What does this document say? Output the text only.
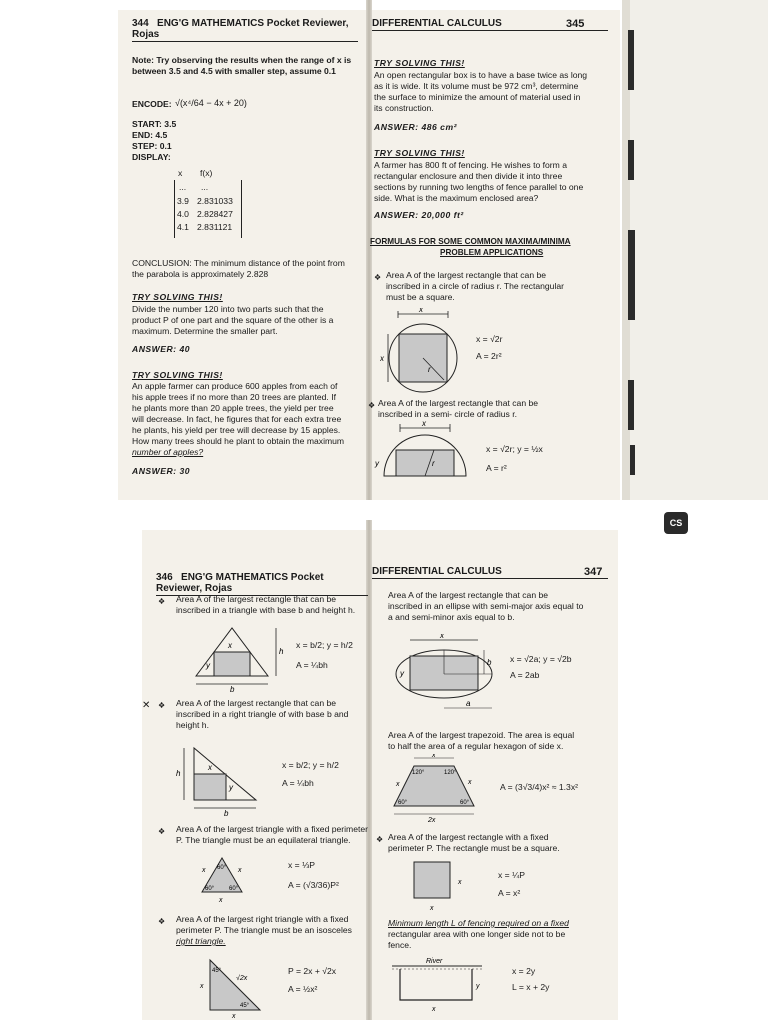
344 ENG'G MATHEMATICS Pocket Reviewer, Rojas
Note: Try observing the results when the range of x is
between 3.5 and 4.5 with smaller step, assume 0.1
ENCODE: √(x⁴/64 − 4x + 20)
START: 3.5
END: 4.5
STEP: 0.1
DISPLAY:
x f(x)
... ...
3.9 2.831033
4.0 2.828427
4.1 2.831121
CONCLUSION: The minimum distance of the point from
the parabola is approximately 2.828
TRY SOLVING THIS!
Divide the number 120 into two parts such that the
product P of one part and the square of the other is a
maximum. Determine the smaller part.
ANSWER: 40
TRY SOLVING THIS!
An apple farmer can produce 600 apples from each of
his apple trees if no more than 20 trees are planted. If
he plants more than 20 apple trees, the yield per tree
will decrease. In fact, he figures that for each extra tree
he plants, his yield per tree will decrease by 15 apples.
How many trees should he plant to obtain the maximum
number of apples?
ANSWER: 30
DIFFERENTIAL CALCULUS	345
TRY SOLVING THIS!
An open rectangular box is to have a base twice as long
as it is wide. It its volume must be 972 cm³, determine
the surface to minimize the amount of material used in
its construction.
ANSWER: 486 cm²
TRY SOLVING THIS!
A farmer has 800 ft of fencing. He wishes to form a
rectangular enclosure and then divide it into three
sections by running two lengths of fence parallel to one
side. What is the maximum enclosed area?
ANSWER: 20,000 ft²
FORMULAS FOR SOME COMMON MAXIMA/MINIMA
PROBLEM APPLICATIONS
❖ Area A of the largest rectangle that can be
inscribed in a circle of radius r. The rectangular
must be a square.
x
x
r
x = √2r
A = 2r²
❖ Area A of the largest rectangle that can be
inscribed in a semi- circle of radius r.
x
y	r
x = √2r; y = ½x
A = r²
CS
346 ENG'G MATHEMATICS Pocket Reviewer, Rojas
❖ Area A of the largest rectangle that can be
inscribed in a triangle with base b and height h.
x
y
h
b
x = b/2; y = h/2
A = ¼bh
✕ ❖ Area A of the largest rectangle that can be
inscribed in a right triangle of with base b and
height h.
x
y
h
b
x = b/2; y = h/2
A = ¼bh
❖ Area A of the largest triangle with a fixed perimeter
P. The triangle must be an equilateral triangle.
x	x
x
60°
60° 60°
x = ⅓P
A = (√3/36)P²
❖ Area A of the largest right triangle with a fixed
perimeter P. The triangle must be an isosceles
right triangle.
x
x
√2x
45°
45°
P = 2x + √2x
A = ½x²
DIFFERENTIAL CALCULUS	347
Area A of the largest rectangle that can be
inscribed in an ellipse with semi-major axis equal to
a and semi-minor axis equal to b.
x
y
b
a
x = √2a; y = √2b
A = 2ab
Area A of the largest trapezoid. The area is equal
to half the area of a regular hexagon of side x.
x
x	x
2x
120°	120°
60°	60°
A = (3√3/4)x² ≈ 1.3x²
❖ Area A of the largest rectangle with a fixed
perimeter P. The rectangle must be a square.
x
x
x = ¼P
A = x²
Minimum length L of fencing required on a fixed
rectangular area with one longer side not to be
fence.
River
y
x
x = 2y
L = x + 2y
